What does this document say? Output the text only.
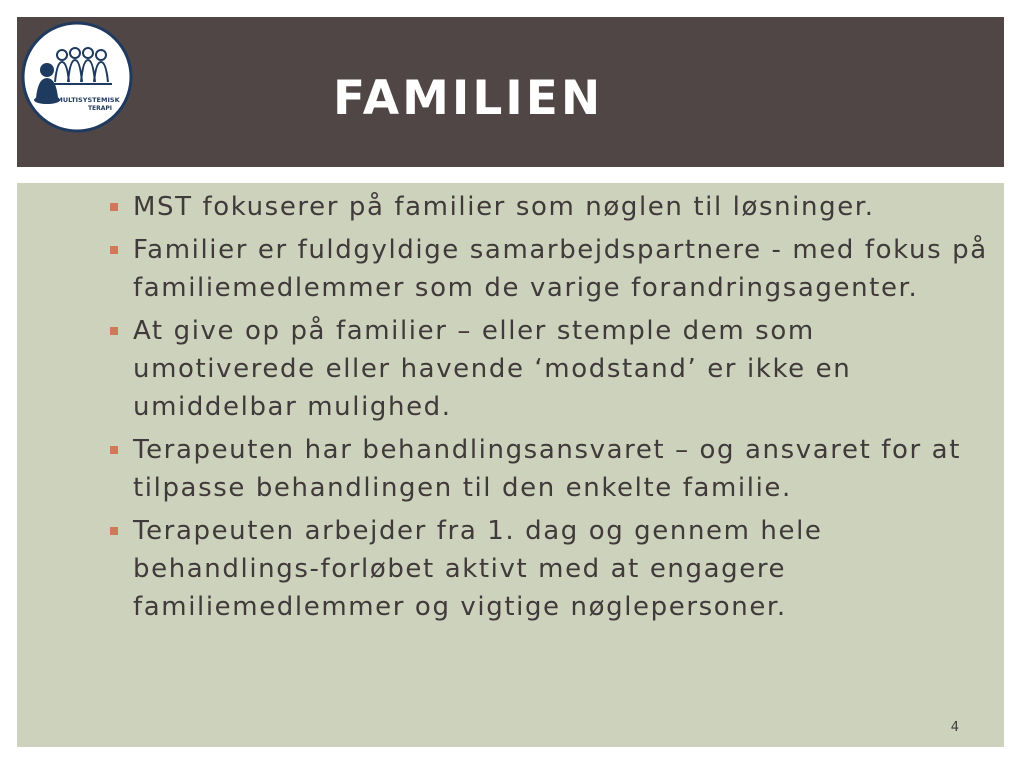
MULTISYSTEMISK
TERAPI	FAMILIEN
MST fokuserer på familier som nøglen til løsninger.
Familier er fuldgyldige samarbejdspartnere - med fokus på familiemedlemmer som de varige forandringsagenter.
At give op på familier – eller stemple dem som umotiverede eller havende ‘modstand’ er ikke en umiddelbar mulighed.
Terapeuten har behandlingsansvaret – og ansvaret for at tilpasse behandlingen til den enkelte familie.
Terapeuten arbejder fra 1. dag og gennem hele behandlings-forløbet aktivt med at engagere familiemedlemmer og vigtige nøglepersoner.
4
